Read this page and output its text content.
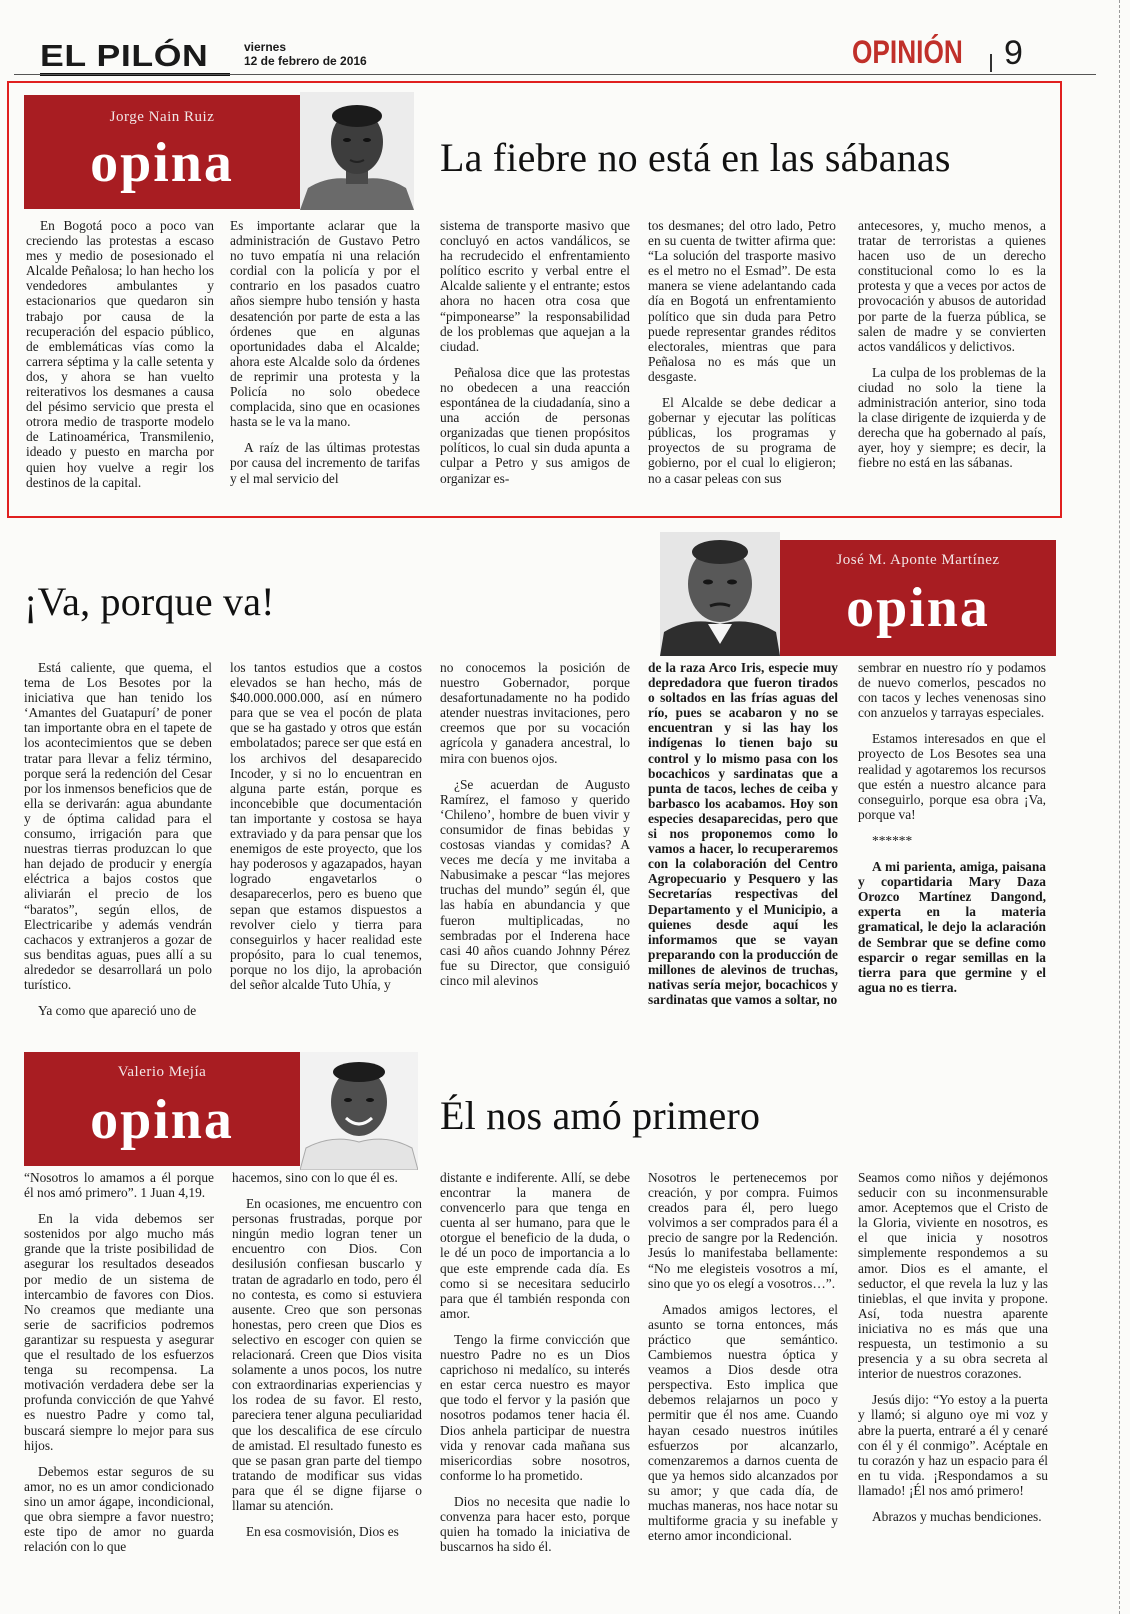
EL PILÓN	viernes
12 de febrero de 2016	OPINIÓN 9
Jorge Nain Ruiz
opina	La fiebre no está en las sábanas

En Bogotá poco a poco van creciendo las protestas a escaso mes y medio de posesionado el Alcalde Peñalosa; lo han hecho los vendedores ambulantes y estacionarios que quedaron sin trabajo por causa de la recuperación del espacio público, de emblemáticas vías como la carrera séptima y la calle setenta y dos, y ahora se han vuelto reiterativos los desmanes a causa del pésimo servicio que presta el otrora medio de trasporte modelo de Latinoamérica, Transmilenio, ideado y puesto en marcha por quien hoy vuelve a regir los destinos de la capital.

Es importante aclarar que la administración de Gustavo Petro no tuvo empatía ni una relación cordial con la policía y por el contrario en los pasados cuatro años siempre hubo tensión y hasta desatención por parte de esta a las órdenes que en algunas oportunidades daba el Alcalde; ahora este Alcalde solo da órdenes de reprimir una protesta y la Policía no solo obedece complacida, sino que en ocasiones hasta se le va la mano.

A raíz de las últimas protestas por causa del incremento de tarifas y el mal servicio del

sistema de transporte masivo que concluyó en actos vandálicos, se ha recrudecido el enfrentamiento político escrito y verbal entre el Alcalde saliente y el entrante; estos ahora no hacen otra cosa que “pimponearse” la responsabilidad de los problemas que aquejan a la ciudad.

Peñalosa dice que las protestas no obedecen a una reacción espontánea de la ciudadanía, sino a una acción de personas organizadas que tienen propósitos políticos, lo cual sin duda apunta a culpar a Petro y sus amigos de organizar es-

tos desmanes; del otro lado, Petro en su cuenta de twitter afirma que: “La solución del trasporte masivo es el metro no el Esmad”. De esta manera se viene adelantando cada día en Bogotá un enfrentamiento político que sin duda para Petro puede representar grandes réditos electorales, mientras que para Peñalosa no es más que un desgaste.

El Alcalde se debe dedicar a gobernar y ejecutar las políticas públicas, los programas y proyectos de su programa de gobierno, por el cual lo eligieron; no a casar peleas con sus

antecesores, y, mucho menos, a tratar de terroristas a quienes hacen uso de un derecho constitucional como lo es la protesta y que a veces por actos de provocación y abusos de autoridad por parte de la fuerza pública, se salen de madre y se convierten actos vandálicos y delictivos.

La culpa de los problemas de la ciudad no solo la tiene la administración anterior, sino toda la clase dirigente de izquierda y de derecha que ha gobernado al país, ayer, hoy y siempre; es decir, la fiebre no está en las sábanas.

José M. Aponte Martínez
opina
¡Va, porque va!

Está caliente, que quema, el tema de Los Besotes por la iniciativa que han tenido los ‘Amantes del Guatapurí’ de poner tan importante obra en el tapete de los acontecimientos que se deben tratar para llevar a feliz término, porque será la redención del Cesar por los inmensos beneficios que de ella se derivarán: agua abundante y de óptima calidad para el consumo, irrigación para que nuestras tierras produzcan lo que han dejado de producir y energía eléctrica a bajos costos que aliviarán el precio de los “baratos”, según ellos, de Electricaribe y además vendrán cachacos y extranjeros a gozar de sus benditas aguas, pues allí a su alrededor se desarrollará un polo turístico.

Ya como que apareció uno de

los tantos estudios que a costos elevados se han hecho, más de $40.000.000.000, así en número para que se vea el pocón de plata que se ha gastado y otros que están embolatados; parece ser que está en los archivos del desaparecido Incoder, y si no lo encuentran en alguna parte están, porque es inconcebible que documentación tan importante y costosa se haya extraviado y da para pensar que los enemigos de este proyecto, que los hay poderosos y agazapados, hayan logrado engavetarlos o desaparecerlos, pero es bueno que sepan que estamos dispuestos a revolver cielo y tierra para conseguirlos y hacer realidad este propósito, para lo cual tenemos, porque no los dijo, la aprobación del señor alcalde Tuto Uhía, y

no conocemos la posición de nuestro Gobernador, porque desafortunadamente no ha podido atender nuestras invitaciones, pero creemos que por su vocación agrícola y ganadera ancestral, lo mira con buenos ojos.

¿Se acuerdan de Augusto Ramírez, el famoso y querido ‘Chileno’, hombre de buen vivir y consumidor de finas bebidas y costosas viandas y comidas? A veces me decía y me invitaba a Nabusimake a pescar “las mejores truchas del mundo” según él, que las había en abundancia y que fueron multiplicadas, no sembradas por el Inderena hace casi 40 años cuando Johnny Pérez fue su Director, que consiguió cinco mil alevinos

de la raza Arco Iris, especie muy depredadora que fueron tirados o soltados en las frías aguas del río, pues se acabaron y no se encuentran y si las hay los indígenas lo tienen bajo su control y lo mismo pasa con los bocachicos y sardinatas que a punta de tacos, leches de ceiba y barbasco los acabamos. Hoy son especies desaparecidas, pero que si nos proponemos como lo vamos a hacer, lo recuperaremos con la colaboración del Centro Agropecuario y Pesquero y las Secretarías respectivas del Departamento y el Municipio, a quienes desde aquí les informamos que se vayan preparando con la producción de millones de alevinos de truchas, nativas sería mejor, bocachicos y sardinatas que vamos a soltar, no

sembrar en nuestro río y podamos de nuevo comerlos, pescados no con tacos y leches venenosas sino con anzuelos y tarrayas especiales.

Estamos interesados en que el proyecto de Los Besotes sea una realidad y agotaremos los recursos que estén a nuestro alcance para conseguirlo, porque esa obra ¡Va, porque va!

******

A mi parienta, amiga, paisana y copartidaria Mary Daza Orozco Martínez Dangond, experta en la materia gramatical, le dejo la aclaración de Sembrar que se define como esparcir o regar semillas en la tierra para que germine y el agua no es tierra.

Valerio Mejía
opina	Él nos amó primero

“Nosotros lo amamos a él porque él nos amó primero”. 1 Juan 4,19.

En la vida debemos ser sostenidos por algo mucho más grande que la triste posibilidad de asegurar los resultados deseados por medio de un sistema de intercambio de favores con Dios. No creamos que mediante una serie de sacrificios podremos garantizar su respuesta y asegurar que el resultado de los esfuerzos tenga su recompensa. La motivación verdadera debe ser la profunda convicción de que Yahvé es nuestro Padre y como tal, buscará siempre lo mejor para sus hijos.

Debemos estar seguros de su amor, no es un amor condicionado sino un amor ágape, incondicional, que obra siempre a favor nuestro; este tipo de amor no guarda relación con lo que

hacemos, sino con lo que él es.

En ocasiones, me encuentro con personas frustradas, porque por ningún medio logran tener un encuentro con Dios. Con desilusión confiesan buscarlo y tratan de agradarlo en todo, pero él no contesta, es como si estuviera ausente. Creo que son personas honestas, pero creen que Dios es selectivo en escoger con quien se relacionará. Creen que Dios visita solamente a unos pocos, los nutre con extraordinarias experiencias y los rodea de su favor. El resto, pareciera tener alguna peculiaridad que los descalifica de ese círculo de amistad. El resultado funesto es que se pasan gran parte del tiempo tratando de modificar sus vidas para que él se digne fijarse o llamar su atención.

En esa cosmovisión, Dios es

distante e indiferente. Allí, se debe encontrar la manera de convencerlo para que tenga en cuenta al ser humano, para que le otorgue el beneficio de la duda, o le dé un poco de importancia a lo que este emprende cada día. Es como si se necesitara seducirlo para que él también responda con amor.

Tengo la firme convicción que nuestro Padre no es un Dios caprichoso ni medalíco, su interés en estar cerca nuestro es mayor que todo el fervor y la pasión que nosotros podamos tener hacia él. Dios anhela participar de nuestra vida y renovar cada mañana sus misericordias sobre nosotros, conforme lo ha prometido.

Dios no necesita que nadie lo convenza para hacer esto, porque quien ha tomado la iniciativa de buscarnos ha sido él.

Nosotros le pertenecemos por creación, y por compra. Fuimos creados para él, pero luego volvimos a ser comprados para él a precio de sangre por la Redención. Jesús lo manifestaba bellamente: “No me elegisteis vosotros a mí, sino que yo os elegí a vosotros…”.

Amados amigos lectores, el asunto se torna entonces, más práctico que semántico. Cambiemos nuestra óptica y veamos a Dios desde otra perspectiva. Esto implica que debemos relajarnos un poco y permitir que él nos ame. Cuando hayan cesado nuestros inútiles esfuerzos por alcanzarlo, comenzaremos a darnos cuenta de que ya hemos sido alcanzados por su amor; y que cada día, de muchas maneras, nos hace notar su multiforme gracia y su inefable y eterno amor incondicional.

Seamos como niños y dejémonos seducir con su inconmensurable amor. Aceptemos que el Cristo de la Gloria, viviente en nosotros, es el que inicia y nosotros simplemente respondemos a su amor. Dios es el amante, el seductor, el que revela la luz y las tinieblas, el que invita y propone. Así, toda nuestra aparente iniciativa no es más que una respuesta, un testimonio a su presencia y a su obra secreta al interior de nuestros corazones.

Jesús dijo: “Yo estoy a la puerta y llamó; si alguno oye mi voz y abre la puerta, entraré a él y cenaré con él y él conmigo”. Acéptale en tu corazón y haz un espacio para él en tu vida. ¡Respondamos a su llamado! ¡Él nos amó primero!

Abrazos y muchas bendiciones.
